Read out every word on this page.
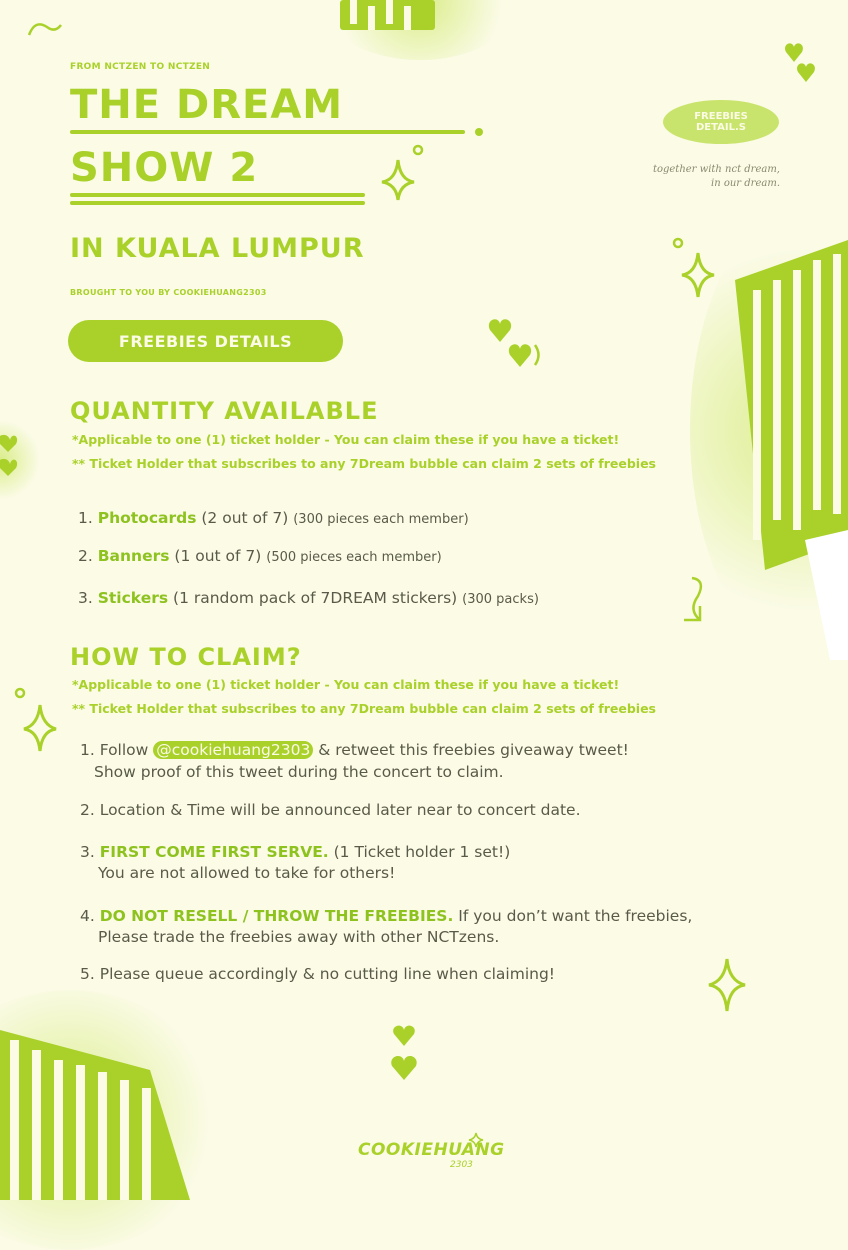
FROM NCTZEN TO NCTZEN
THE DREAM
SHOW 2
IN KUALA LUMPUR
BROUGHT TO YOU BY COOKIEHUANG2303
FREEBIES DETAILS
FREEBIES
DETAIL.S
together with nct dream,
in our dream.
QUANTITY AVAILABLE
*Applicable to one (1) ticket holder - You can claim these if you have a ticket!
** Ticket Holder that subscribes to any 7Dream bubble can claim 2 sets of freebies
1. Photocards (2 out of 7) (300 pieces each member)
2. Banners (1 out of 7) (500 pieces each member)
3. Stickers (1 random pack of 7DREAM stickers) (300 packs)
HOW TO CLAIM?
*Applicable to one (1) ticket holder - You can claim these if you have a ticket!
** Ticket Holder that subscribes to any 7Dream bubble can claim 2 sets of freebies
1. Follow @cookiehuang2303 & retweet this freebies giveaway tweet!
Show proof of this tweet during the concert to claim.
2. Location & Time will be announced later near to concert date.
3. FIRST COME FIRST SERVE. (1 Ticket holder 1 set!)
You are not allowed to take for others!
4. DO NOT RESELL / THROW THE FREEBIES. If you don’t want the freebies,
Please trade the freebies away with other NCTzens.
5. Please queue accordingly & no cutting line when claiming!
COOKIEHUANG
2303
